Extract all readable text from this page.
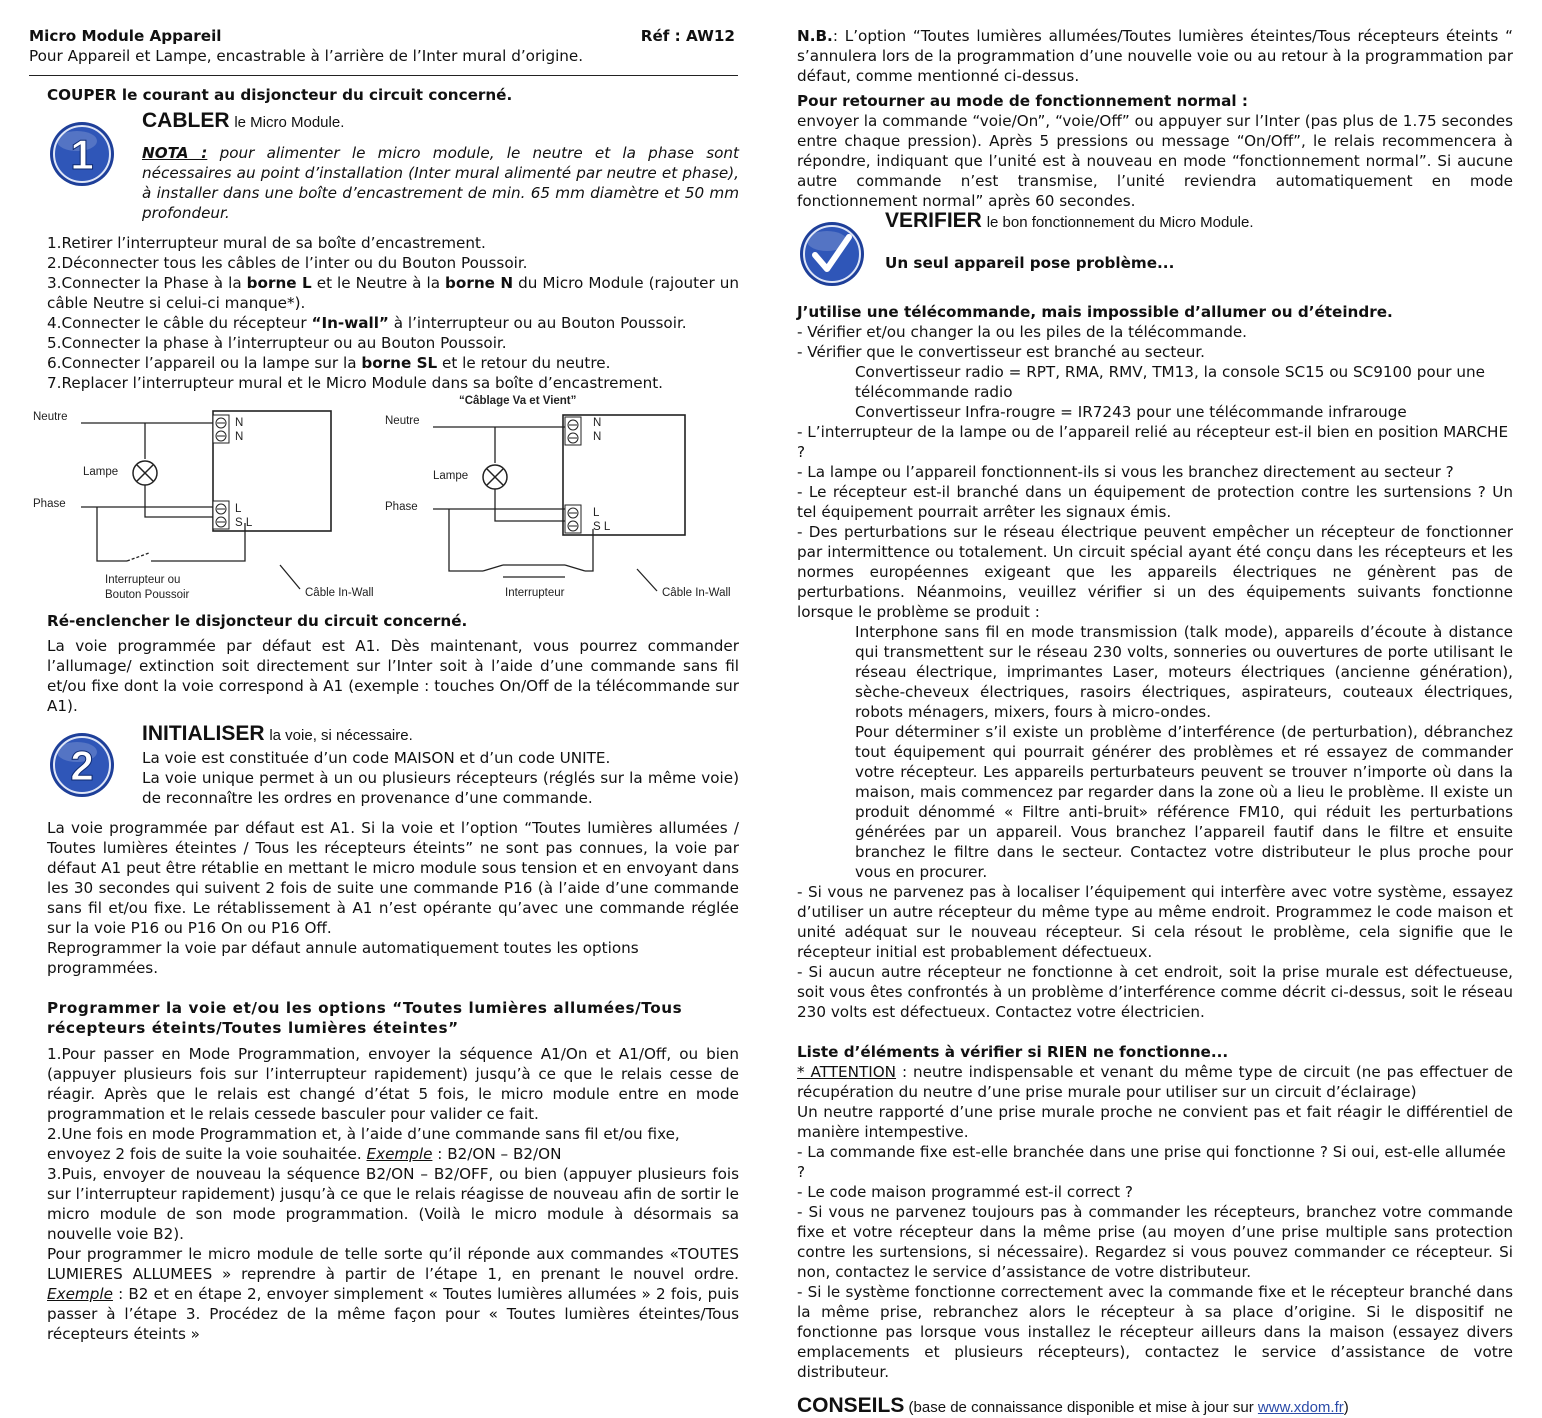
Micro Module Appareil	Réf : AW12

Pour Appareil et Lampe, encastrable à l’arrière de l’Inter mural d’origine.

COUPER le courant au disjoncteur du circuit concerné.

1

CABLER le Micro Module.

NOTA : pour alimenter le micro module, le neutre et la phase sont nécessaires au point d’installation (Inter mural alimenté par neutre et phase), à installer dans une boîte d’encastrement de min. 65 mm diamètre et 50 mm profondeur.

1.Retirer l’interrupteur mural de sa boîte d’encastrement.

2.Déconnecter tous les câbles de l’inter ou du Bouton Poussoir.

3.Connecter la Phase à la borne L et le Neutre à la borne N du Micro Module (rajouter un câble Neutre si celui-ci manque*).

4.Connecter le câble du récepteur “In-wall” à l’interrupteur ou au Bouton Poussoir.

5.Connecter la phase à l’interrupteur ou au Bouton Poussoir.

6.Connecter l’appareil ou la lampe sur la borne SL et le retour du neutre.

7.Replacer l’interrupteur mural et le Micro Module dans sa boîte d’encastrement.

Neutre
Lampe
Phase
Interrupteur ou
Bouton Poussoir
N
N
L
S L
Câble In-Wall
“Câblage Va et Vient”
Neutre
Lampe
Phase
Interrupteur
N
N
L
S L
Câble In-Wall

Ré-enclencher le disjoncteur du circuit concerné.

La voie programmée par défaut est A1. Dès maintenant, vous pourrez commander l’allumage/ extinction soit directement sur l’Inter soit à l’aide d’une commande sans fil et/ou fixe dont la voie correspond à A1 (exemple : touches On/Off de la télécommande sur A1).

2

INITIALISER la voie, si nécessaire.

La voie est constituée d’un code MAISON et d’un code UNITE.

La voie unique permet à un ou plusieurs récepteurs (réglés sur la même voie) de reconnaître les ordres en provenance d’une commande.

La voie programmée par défaut est A1. Si la voie et l’option “Toutes lumières allumées / Toutes lumières éteintes / Tous les récepteurs éteints” ne sont pas connues, la voie par défaut A1 peut être rétablie en mettant le micro module sous tension et en envoyant dans les 30 secondes qui suivent 2 fois de suite une commande P16 (à l’aide d’une commande sans fil et/ou fixe. Le rétablissement à A1 n’est opérante qu’avec une commande réglée sur la voie P16 ou P16 On ou P16 Off.

Reprogrammer la voie par défaut annule automatiquement toutes les options programmées.

Programmer la voie et/ou les options “Toutes lumières allumées/Tous récepteurs éteints/Toutes lumières éteintes”

1.Pour passer en Mode Programmation, envoyer la séquence A1/On et A1/Off, ou bien (appuyer plusieurs fois sur l’interrupteur rapidement) jusqu’à ce que le relais cesse de réagir. Après que le relais est changé d’état 5 fois, le micro module entre en mode programmation et le relais cessede basculer pour valider ce fait.

2.Une fois en mode Programmation et, à l’aide d’une commande sans fil et/ou fixe, envoyez 2 fois de suite la voie souhaitée. Exemple : B2/ON – B2/ON

3.Puis, envoyer de nouveau la séquence B2/ON – B2/OFF, ou bien (appuyer plusieurs fois sur l’interrupteur rapidement) jusqu’à ce que le relais réagisse de nouveau afin de sortir le micro module de son mode programmation. (Voilà le micro module à désormais sa nouvelle voie B2).

Pour programmer le micro module de telle sorte qu’il réponde aux commandes «TOUTES LUMIERES ALLUMEES » reprendre à partir de l’étape 1, en prenant le nouvel ordre. Exemple : B2 et en étape 2, envoyer simplement « Toutes lumières allumées » 2 fois, puis passer à l’étape 3. Procédez de la même façon pour « Toutes lumières éteintes/Tous récepteurs éteints »

N.B.: L’option “Toutes lumières allumées/Toutes lumières éteintes/Tous récepteurs éteints “ s’annulera lors de la programmation d’une nouvelle voie ou au retour à la programmation par défaut, comme mentionné ci-dessus.

Pour retourner au mode de fonctionnement normal :

envoyer la commande “voie/On”, “voie/Off” ou appuyer sur l’Inter (pas plus de 1.75 secondes entre chaque pression). Après 5 pressions ou message “On/Off”, le relais recommencera à répondre, indiquant que l’unité est à nouveau en mode “fonctionnement normal”. Si aucune autre commande n’est transmise, l’unité reviendra automatiquement en mode fonctionnement normal” après 60 secondes.

VERIFIER le bon fonctionnement du Micro Module.

Un seul appareil pose problème...

J’utilise une télécommande, mais impossible d’allumer ou d’éteindre.

- Vérifier et/ou changer la ou les piles de la télécommande.

- Vérifier que le convertisseur est branché au secteur.

Convertisseur radio = RPT, RMA, RMV, TM13, la console SC15 ou SC9100 pour une télécommande radio

Convertisseur Infra-rougre = IR7243 pour une télécommande infrarouge

- L’interrupteur de la lampe ou de l’appareil relié au récepteur est-il bien en position MARCHE ?

- La lampe ou l’appareil fonctionnent-ils si vous les branchez directement au secteur ?

- Le récepteur est-il branché dans un équipement de protection contre les surtensions ? Un tel équipement pourrait arrêter les signaux émis.

- Des perturbations sur le réseau électrique peuvent empêcher un récepteur de fonctionner par intermittence ou totalement. Un circuit spécial ayant été conçu dans les récepteurs et les normes européennes exigeant que les appareils électriques ne génèrent pas de perturbations. Néanmoins, veuillez vérifier si un des équipements suivants fonctionne lorsque le problème se produit :

Interphone sans fil en mode transmission (talk mode), appareils d’écoute à distance qui transmettent sur le réseau 230 volts, sonneries ou ouvertures de porte utilisant le réseau électrique, imprimantes Laser, moteurs électriques (ancienne génération), sèche-cheveux électriques, rasoirs électriques, aspirateurs, couteaux électriques, robots ménagers, mixers, fours à micro-ondes.

Pour déterminer s’il existe un problème d’interférence (de perturbation), débranchez tout équipement qui pourrait générer des problèmes et ré essayez de commander votre récepteur. Les appareils perturbateurs peuvent se trouver n’importe où dans la maison, mais commencez par regarder dans la zone où a lieu le problème. Il existe un produit dénommé « Filtre anti-bruit» référence FM10, qui réduit les perturbations générées par un appareil. Vous branchez l’appareil fautif dans le filtre et ensuite branchez le filtre dans le secteur. Contactez votre distributeur le plus proche pour vous en procurer.

- Si vous ne parvenez pas à localiser l’équipement qui interfère avec votre système, essayez d’utiliser un autre récepteur du même type au même endroit. Programmez le code maison et unité adéquat sur le nouveau récepteur. Si cela résout le problème, cela signifie que le récepteur initial est probablement défectueux.

- Si aucun autre récepteur ne fonctionne à cet endroit, soit la prise murale est défectueuse, soit vous êtes confrontés à un problème d’interférence comme décrit ci-dessus, soit le réseau 230 volts est défectueux. Contactez votre électricien.

Liste d’éléments à vérifier si RIEN ne fonctionne...

* ATTENTION : neutre indispensable et venant du même type de circuit (ne pas effectuer de récupération du neutre d’une prise murale pour utiliser sur un circuit d’éclairage)

Un neutre rapporté d’une prise murale proche ne convient pas et fait réagir le différentiel de manière intempestive.

- La commande fixe est-elle branchée dans une prise qui fonctionne ? Si oui, est-elle allumée ?

- Le code maison programmé est-il correct ?

- Si vous ne parvenez toujours pas à commander les récepteurs, branchez votre commande fixe et votre récepteur dans la même prise (au moyen d’une prise multiple sans protection contre les surtensions, si nécessaire). Regardez si vous pouvez commander ce récepteur. Si non, contactez le service d’assistance de votre distributeur.

- Si le système fonctionne correctement avec la commande fixe et le récepteur branché dans la même prise, rebranchez alors le récepteur à sa place d’origine. Si le dispositif ne fonctionne pas lorsque vous installez le récepteur ailleurs dans la maison (essayez divers emplacements et plusieurs récepteurs), contactez le service d’assistance de votre distributeur.

CONSEILS (base de connaissance disponible et mise à jour sur www.xdom.fr)
